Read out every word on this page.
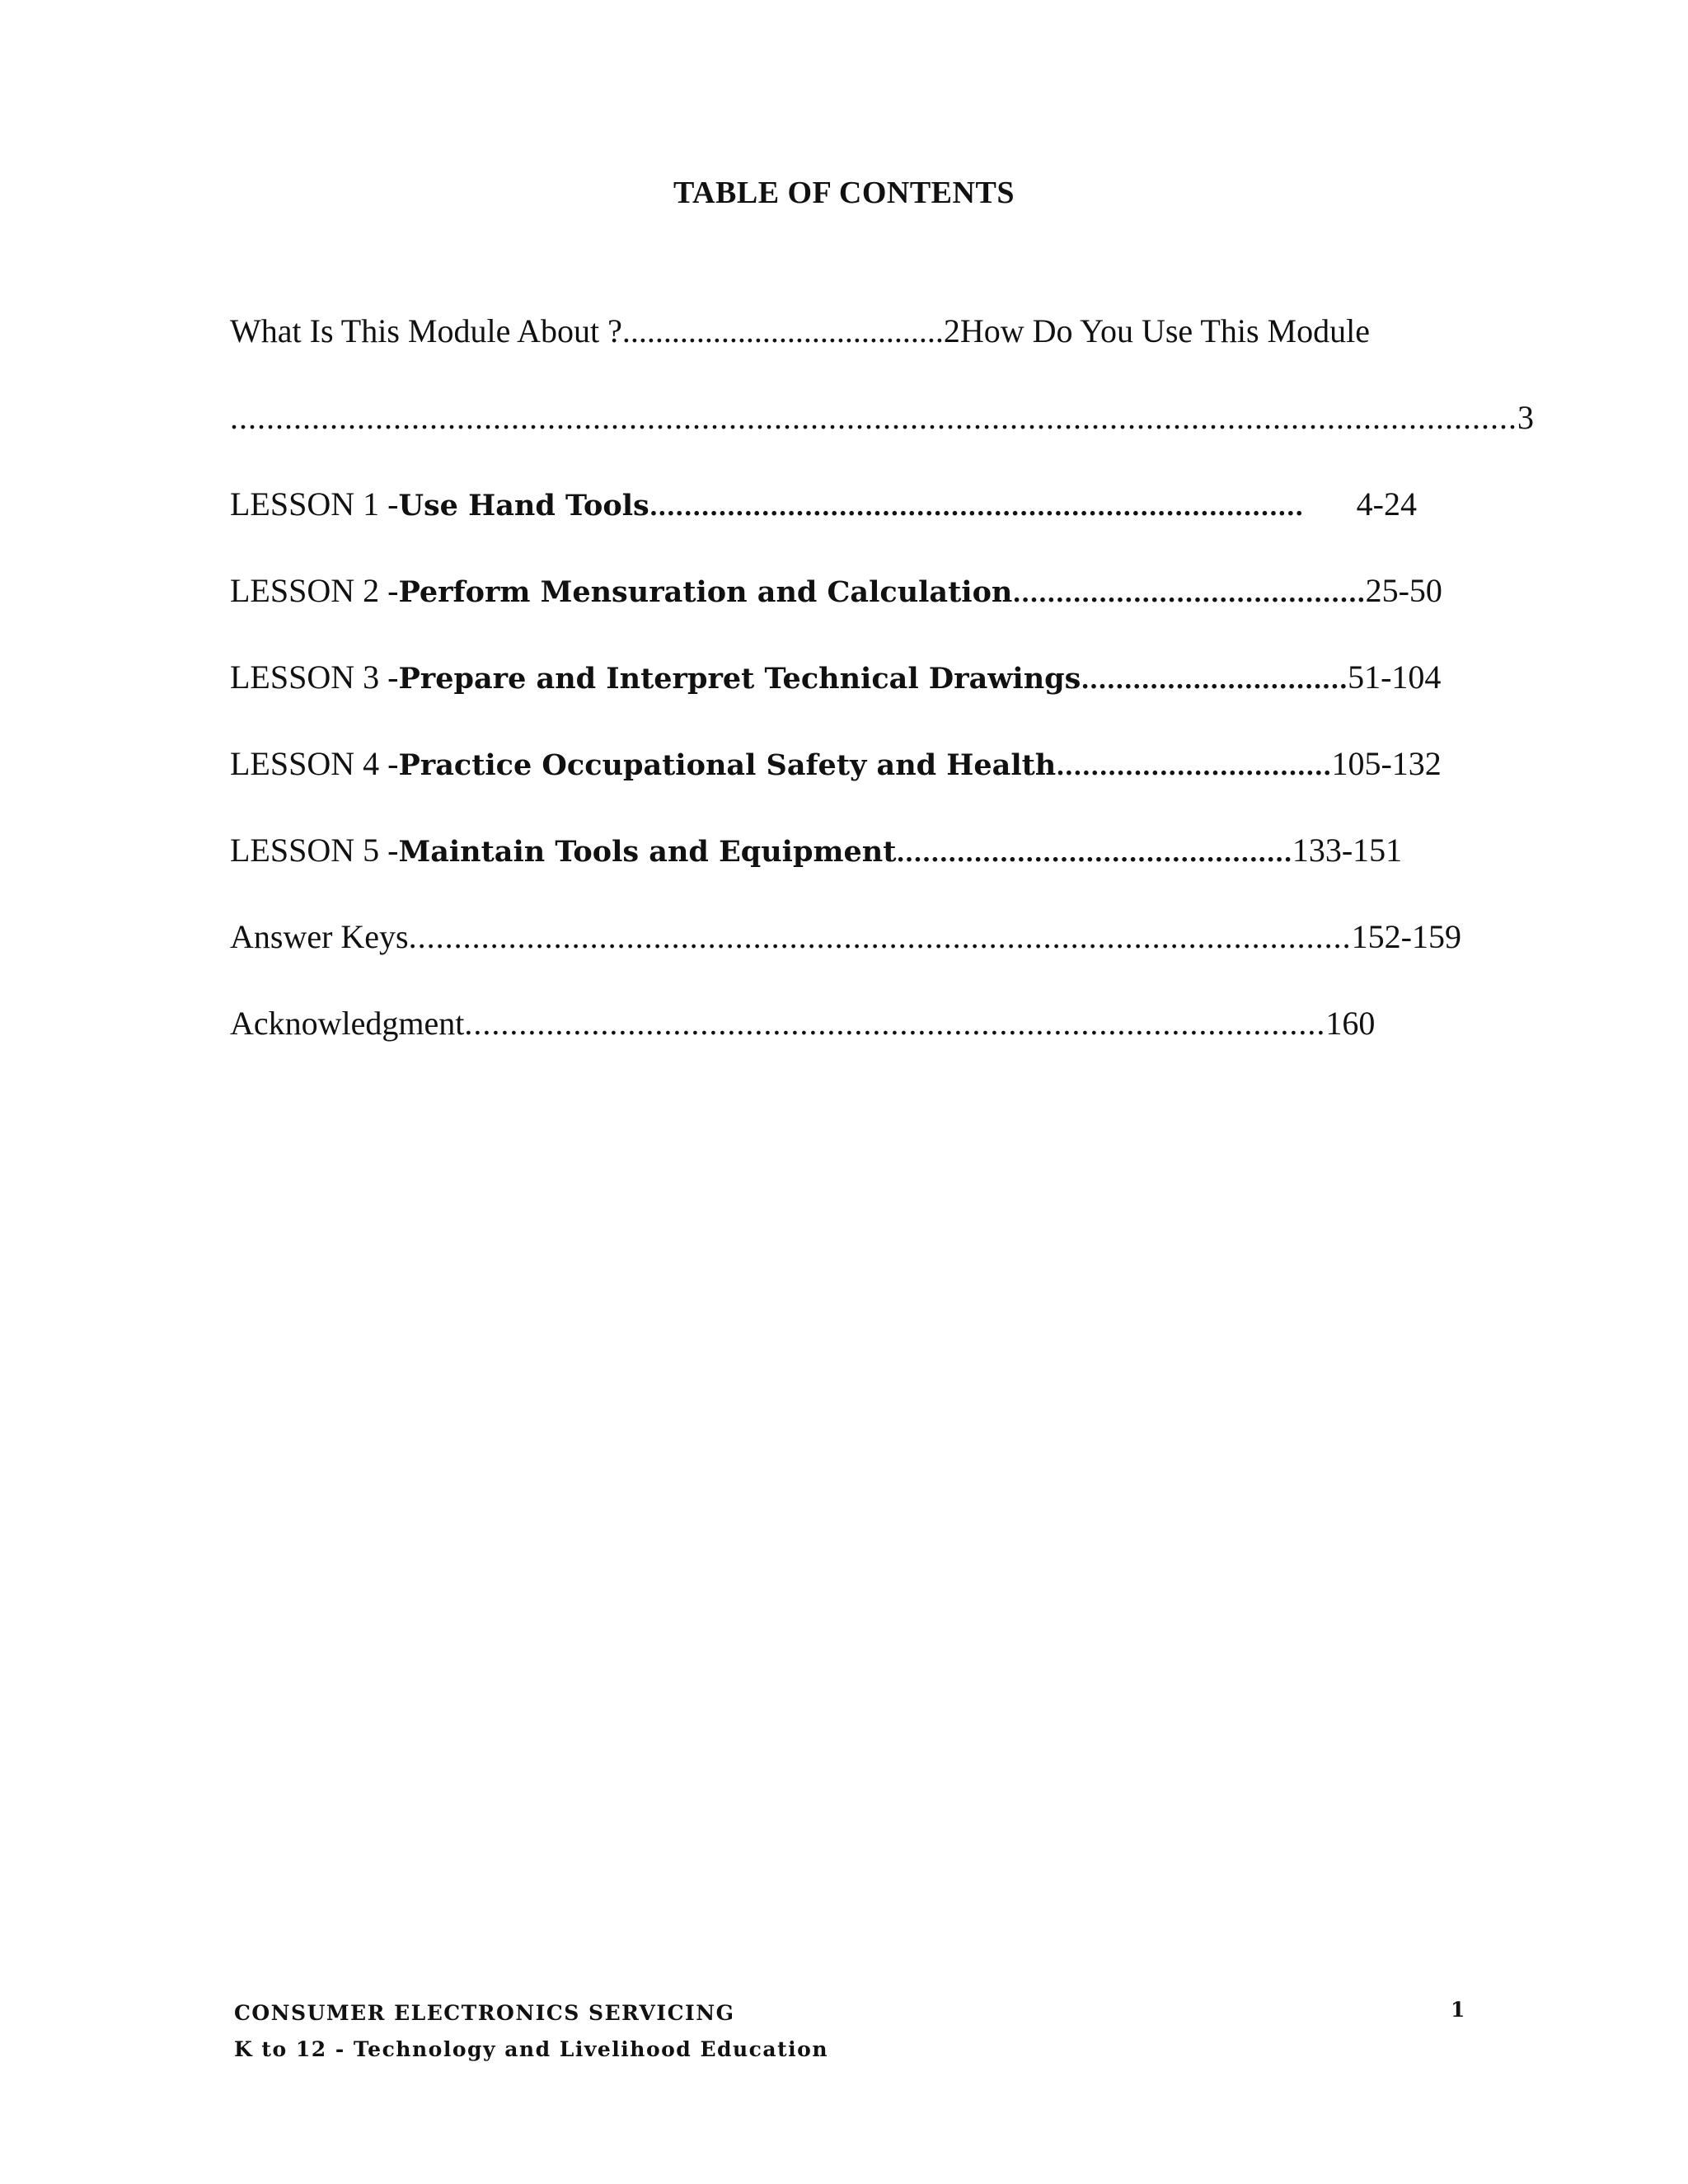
TABLE OF CONTENTS
What Is This Module About ? ....................................... 2 How Do You Use This Module
.............................................................................................................................................. 3
LESSON 1 - Use Hand Tools ............................................................................	4-24
LESSON 2 - Perform Mensuration and Calculation ......................................... 25-50
LESSON 3 - Prepare and Interpret Technical Drawings ............................... 51-104
LESSON 4 - Practice Occupational Safety and Health ................................ 105-132
LESSON 5 - Maintain Tools and Equipment .............................................. 133-151
Answer Keys ........................................................................................................ 152-159
Acknowledgment ............................................................................................... 160
CONSUMER ELECTRONICS SERVICING
K to 12 - Technology and Livelihood Education
1
